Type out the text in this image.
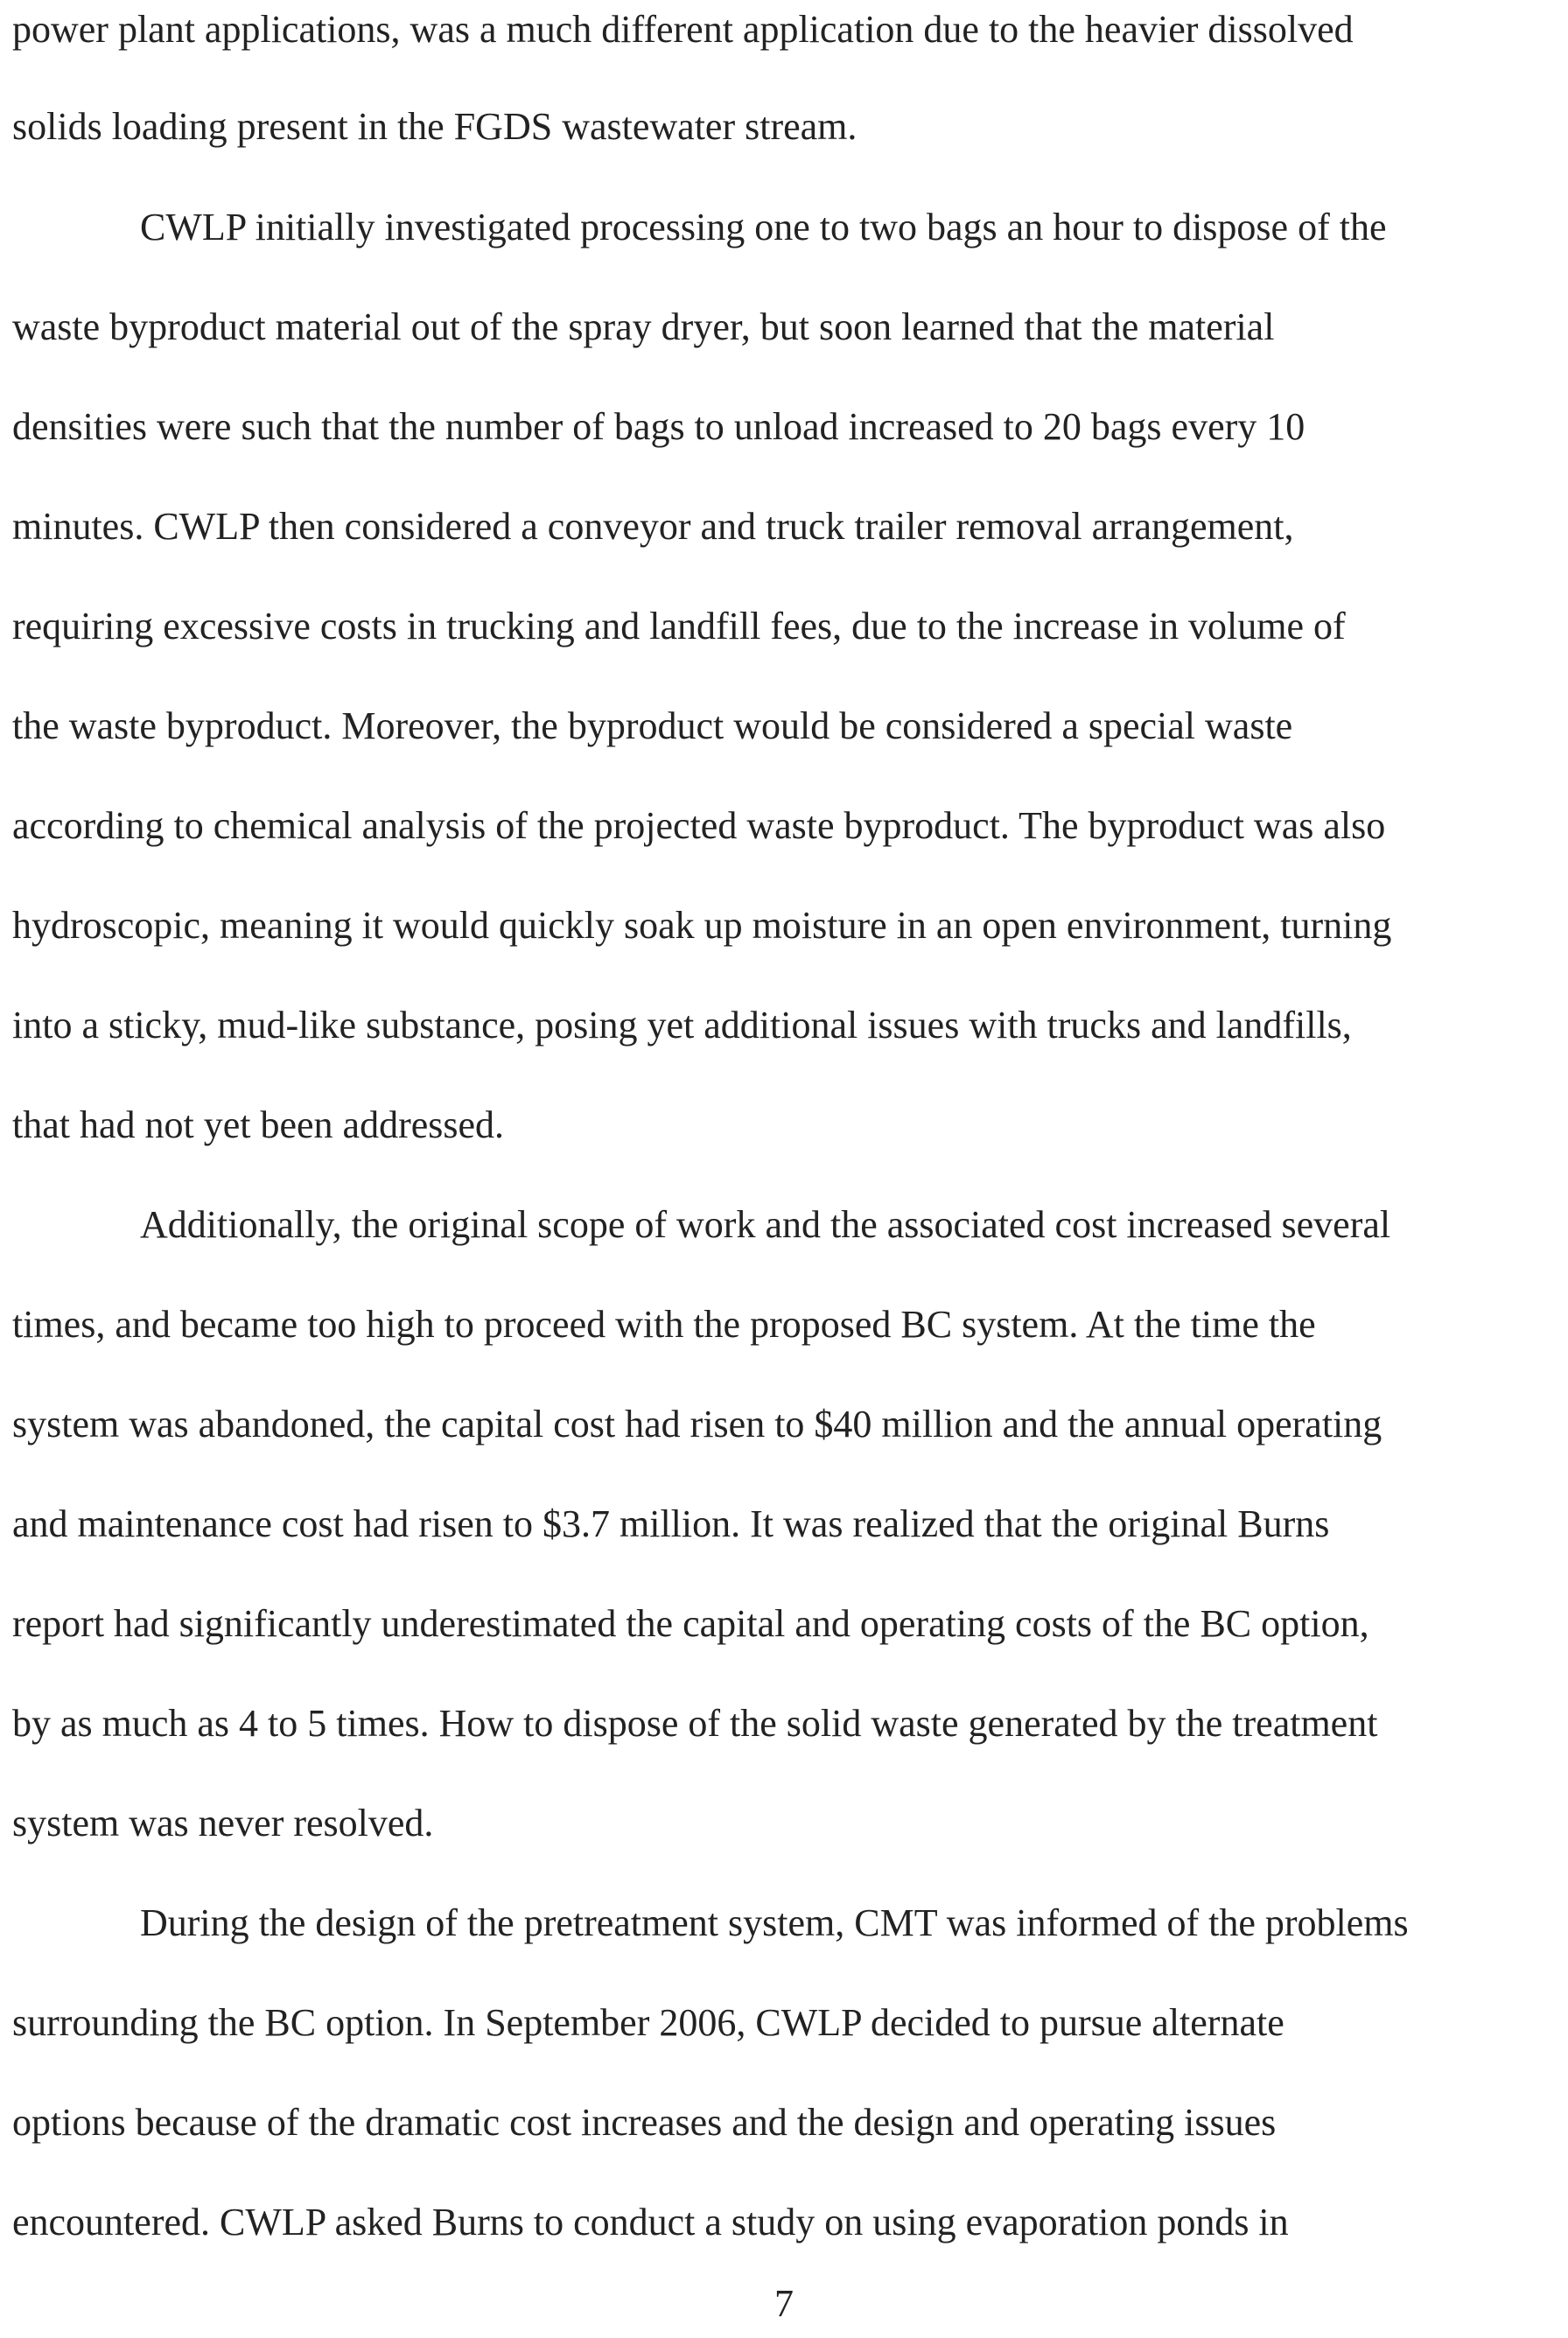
power plant applications, was a much different application due to the heavier dissolved
solids loading present in the FGDS wastewater stream.
CWLP initially investigated processing one to two bags an hour to dispose of the
waste byproduct material out of the spray dryer, but soon learned that the material
densities were such that the number of bags to unload increased to 20 bags every 10
minutes. CWLP then considered a conveyor and truck trailer removal arrangement,
requiring excessive costs in trucking and landfill fees, due to the increase in volume of
the waste byproduct. Moreover, the byproduct would be considered a special waste
according to chemical analysis of the projected waste byproduct. The byproduct was also
hydroscopic, meaning it would quickly soak up moisture in an open environment, turning
into a sticky, mud-like substance, posing yet additional issues with trucks and landfills,
that had not yet been addressed.
Additionally, the original scope of work and the associated cost increased several
times, and became too high to proceed with the proposed BC system. At the time the
system was abandoned, the capital cost had risen to $40 million and the annual operating
and maintenance cost had risen to $3.7 million. It was realized that the original Burns
report had significantly underestimated the capital and operating costs of the BC option,
by as much as 4 to 5 times. How to dispose of the solid waste generated by the treatment
system was never resolved.
During the design of the pretreatment system, CMT was informed of the problems
surrounding the BC option. In September 2006, CWLP decided to pursue alternate
options because of the dramatic cost increases and the design and operating issues
encountered. CWLP asked Burns to conduct a study on using evaporation ponds in
7
